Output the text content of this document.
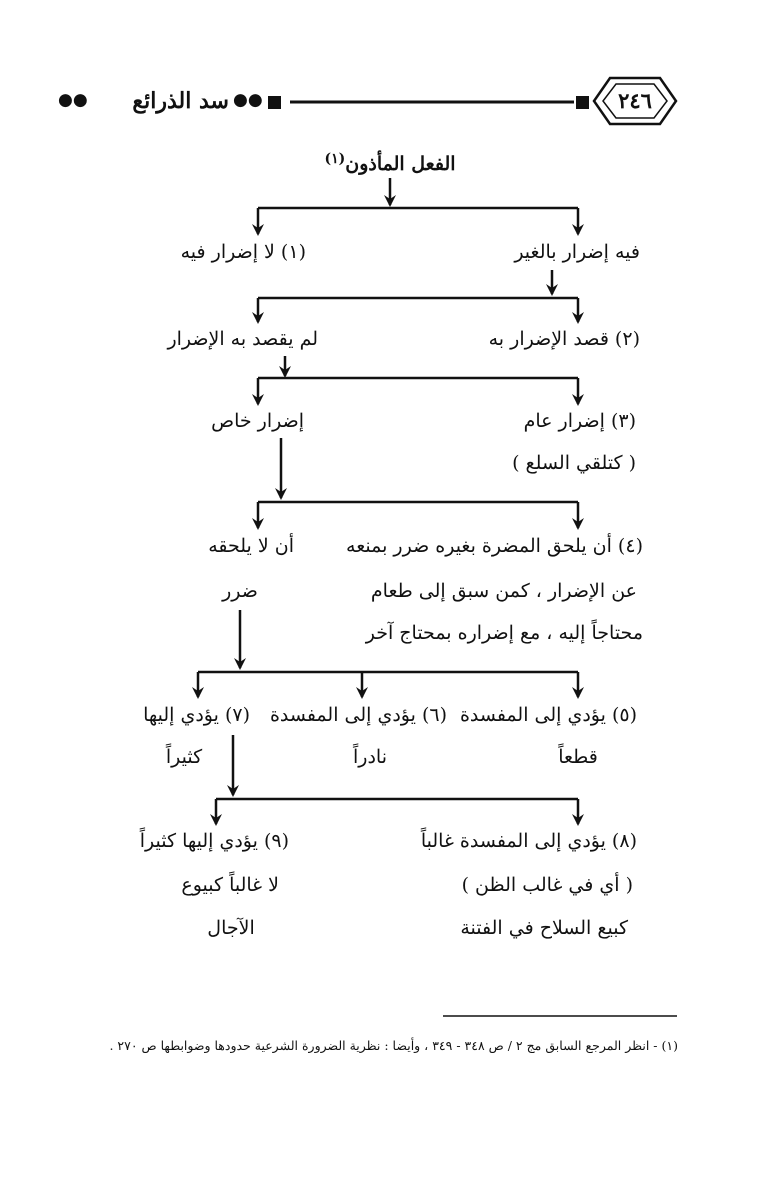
●● سد الذرائع ●●	٢٤٦
$^{(١)}$الفعل المأذون
فيه إضرار بالغير
(١) لا إضرار فيه
(٢) قصد الإضرار به
لم يقصد به الإضرار
(٣) إضرار عام
( كتلقي السلع )
إضرار خاص
(٤) أن يلحق المضرة بغيره ضرر بمنعه
عن الإضرار ، كمن سبق إلى طعام
محتاجاً إليه ، مع إضراره بمحتاج آخر
أن لا يلحقه
ضرر
(٥) يؤدي إلى المفسدة
قطعاً
(٦) يؤدي إلى المفسدة
نادراً
(٧) يؤدي إليها
كثيراً
(٨) يؤدي إلى المفسدة غالباً
( أي في غالب الظن )
كبيع السلاح في الفتنة
(٩) يؤدي إليها كثيراً
لا غالباً كبيوع
الآجال
(١) - انظر المرجع السابق مج ٢ / ص ٣٤٨ - ٣٤٩ ، وأيضا : نظرية الضرورة الشرعية حدودها وضوابطها ص ٢٧٠ .
